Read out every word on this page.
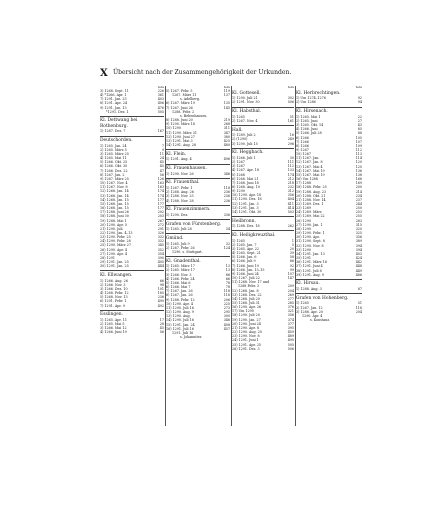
X Übersicht nach der Zusammengehörigkeit der Urkunden.
Seite
3) 1268. Sept. 11	226
4) *1266. Apr. 1	361
7) 1291. Jan. 25	403
8) 1291. Apr. 24	406
9) 1291. Jan. 13	476
*1291. Dez. 1	505
Kl. Dettwang bei Rothenburg.
1) 1287. Dez. 7	167
Deutschorden.
1) 1265. Jan. 24	7
2) 1265. März 5	9
3) 1265. März 25	11
4) 1265. Mai 11	24
5) 1266. Okt. 25	45
6) 1266. Okt. 30	45
7) 1266. Dez. 22	47
8) 1267. Jan. 2	56
9) 1267. März 25	126
10) 1267. Nov. 4	163
11) 1267. Nov. 8	163
12) 1268. Jan. 14	174
13) 1268. Jan. 14	174
14) 1268. Jan. 15	177
15) 1268. Jan. 15	177
16) 1268. Jan. 15	177
17) 1288. Juni 26	202
18) 1288. Juni 30	203
19) 1288. Mai 1	267
20) 1290. Apr. 5	272
21) 1290. Juli	291
22) 1290. Jan. 4–13	326
23) 1290. Febr. 25	332
24) 1290. Febr. 28	332
25) 1290. März 27	345
26) 1290. Apr. 4	352
27) 1290. Apr. 4	354
28) 1291	390
29) 1291. Jan. 25	405
30) 1291. Jan. 25	444
Kl. Ellwangen.
1) 1266. Aug. 26	66
2) 1266. Nov. 3	98
3) 1266. Dez. 10	101
4) 1268. Febr. 12	185
5) 1268. Nov. 13	236
6) 1291. Febr. 1	490
7) 1291. Apr. 9	492
Esslingen.
1) 1265. Apr. 11	17
2) 1265. Mai 5	28
3) 1266. Mai 12	45
4) 1266. Juni 19	56
Seite
5) 1267. Febr. 5	119
1267. März 11	137
s. Adelberg.
6) 1267. März 19	135
7) 1267. Juni 26	145
1288. Febr. 2
s. Bebenhausen.
8) 1288. Juni 20	219
9) 1290. März 18	268
10) 1290	311
11) 1290. März 31	347
12) 1290. Juni 27	380
13) 1291. Mai 3	425
14) 1291. Aug. 28	480
Kl. Flein.
1) 1291. Aug. 4	496
Kl. Frauenhausen.
1) 1290. Nov. 26	346
Kl. Frauenthal.
1) 1267. Febr. 1	118
2) 1268. Aug. 26	236
3) 1288. Nov. 25	236
4) 1288. Nov. 28	236
Kl. Frauenzimmern.
1) 1290. Dez.	336
Grafen von Fürstenberg.
1) 1265. Juli 28	34
Gmünd.
1) 1265. Juli 9	32
2) 1267. Febr. 26	124
1290. s. Stuttgart.
Kl. Gnadenthal.
1) 1265. März 17	13
2) 1265. März 17	13
3) 1266. Nov. 3	86
4) 1266. Febr. 24	66
5) 1266. Mai 6	78
6) 1266. Mai 7	78
7) 1267. Jan. 26	118
8) 1267. Jan. 26	118
9) 1288. Febr. 12	206
10) 1290. Apr. 4	225
11) 1290. Juli 16	273
12) 1290. Aug. 9	295
13) 1290. Aug.	300
14) 1290. Juli 16	346
15) 1291. Jan. 24	408
16) 1291. Juli 16	457
1291. Juli 16
s. Johanniter.
Seite
Kl. Gottesell.
1) 1290. Juli 21	302
2) 1291. Nov. 30	506
Kl. Habsthal.
1) 1265	51
2) 1267. Nov. 4	161
Hall.
1) 1289. Juli 2	16
2) (1290)	249
3) 1290. Juli 15	296
Kl. Heggbach.
1) 1266. Juli 1	30
2) 1267	111
3) 1267	112
4) 1267. Apr. 18	133
5) 1268	174
6) 1268. Mai 21	212
7) 1268. Juni 18	218
8) 1268. Aug. 10	232
9) 1290	312
10) 1290. Apr. 18	356
11) 1290. Dez. 18	404
12) 1291. Jan. 3	411
13) 1291. Jan. 3	414
14) 1291. Okt. 30	503
Heilbronn.
1) 1288. Dez. 18	262
Kl. Heiligkreuzthal.
1) 1265	1
2) 1265. Jan. 7	5
3) 1265. Apr. 22	20
4) 1265. Sept. 21	39
5) 1266. Jan. 6	58
6) 1266. Juli 9	86
7) 1266. Juni 19	92
8) 1266. Jan. 13–15	99
9) 1266. Juni 24	107
10) 1267. Juli 22	147
11) 1268. Nov. 17 und
1288 Febr. 3	209
12) 1268. Jan. 8	204
13) 1268. Dez. 22	269
14) 1268. Juli 20	277
15) 1268. Juli 31	285
16) 1290. Apr. 26	376
17) Um 1290	321
18) 1290. Juli 20	356
19) 1290. Jan. 27	374
20) 1290. Juni 24	377
21) 1290. Apr. 8	395
22) 1290. Aug. 20	459
23) 1290. Nov. 8	489
24) 1291. Juni 1	490
25) 1291. Apr. 25	505
26) 1291. Dez. 3	506
Seite
Kl. Herbrechtingen.
1) Um 1274–1276	92
2) Um 1286	94
Kl. Hirsenach.
1) 1265. Mai 1	22
2) 1265. Juni	27
3) 1265. Okt. 14	43
4) 1266. Juni	85
5) 1266. Juli 28	88
6) 1266	105
7) 1266	107
8) 1266	109
9) 1267	112
10) 1267	113
11) 1267. Jan.	114
12) 1267. Jan. 8	120
13) 1267. Mai 4	120
14) 1267. Mai 19	136
15) 1267. Mai 19	138
16) Um 1288	168
17) 1288	169
18) 1288. Febr. 25	200
19) 1288. Aug. 23	214
20) 1288. Okt. 21	234
21) 1288. Nov. 14	237
22) 1289. Dez. 1	244
23) 1289	250
24) 1289. März	253
25) 1289. Mai 22	255
26) 1290	283
27) 1290. Jan. 1	315
28) 1290	320
29) 1290. Febr. 1	325
30) 1290. Apr.	356
31) 1290. Sept. 8	389
32) 1290. Nov. 8	394
33) 1290	394
34) 1291. Jan. 13	403
35) 1291	424
36) 1291. März 16	442
37) 1291. Juni 4	448
38) 1291. Juli 8	449
39) 1291. Aug. 9	486
Kl. Hirsau.
1) 1288. Aug. 3	87
Grafen von Hohenberg.
1) 1265	51
2) 1267. Jan. 12	118
3) 1288. Apr. 20	204
1290. Apr. 4
s. Konstanz.
